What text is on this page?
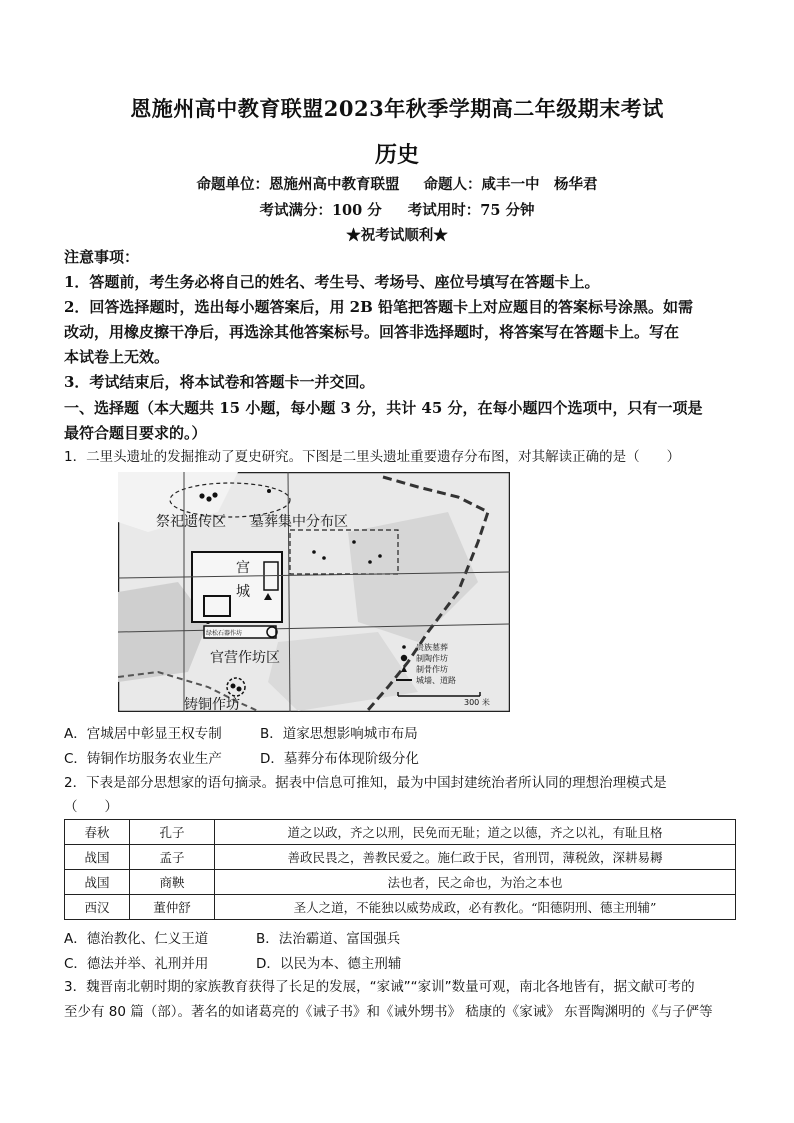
恩施州高中教育联盟2023年秋季学期高二年级期末考试
历史
命题单位：恩施州高中教育联盟 命题人：咸丰一中　杨华君
考试满分：100 分 考试用时：75 分钟
★祝考试顺利★
注意事项：
1．答题前，考生务必将自己的姓名、考生号、考场号、座位号填写在答题卡上。
2．回答选择题时，选出每小题答案后，用 2B 铅笔把答题卡上对应题目的答案标号涂黑。如需
改动，用橡皮擦干净后，再选涂其他答案标号。回答非选择题时，将答案写在答题卡上。写在
本试卷上无效。
3．考试结束后，将本试卷和答题卡一并交回。
一、选择题（本大题共 15 小题，每小题 3 分，共计 45 分，在每小题四个选项中，只有一项是
最符合题目要求的。）
1．二里头遗址的发掘推动了夏史研究。下图是二里头遗址重要遗存分布图，对其解读正确的是（　　）
祭祀遗传区 墓葬集中分布区
宫
城
绿松石器作坊
官营作坊区
铸铜作坊
贵族墓葬
制陶作坊
制骨作坊
城墙、道路
300 米
A．宫城居中彰显王权专制	B．道家思想影响城市布局
C．铸铜作坊服务农业生产	D．墓葬分布体现阶级分化
2．下表是部分思想家的语句摘录。据表中信息可推知，最为中国封建统治者所认同的理想治理模式是
（　　）
春秋	孔子	道之以政，齐之以刑，民免而无耻；道之以德，齐之以礼，有耻且格
战国	孟子	善政民畏之，善教民爱之。施仁政于民，省刑罚，薄税敛，深耕易耨
战国	商鞅	法也者，民之命也，为治之本也
西汉	董仲舒	圣人之道，不能独以威势成政，必有教化。“阳德阴刑、德主刑辅”
A．德治教化、仁义王道	B．法治霸道、富国强兵
C．德法并举、礼刑并用	D．以民为本、德主刑辅
3．魏晋南北朝时期的家族教育获得了长足的发展，“家诫”“家训”数量可观，南北各地皆有，据文献可考的
至少有 80 篇（部）。著名的如诸葛亮的《诫子书》和《诫外甥书》 嵇康的《家诫》 东晋陶渊明的《与子俨等
